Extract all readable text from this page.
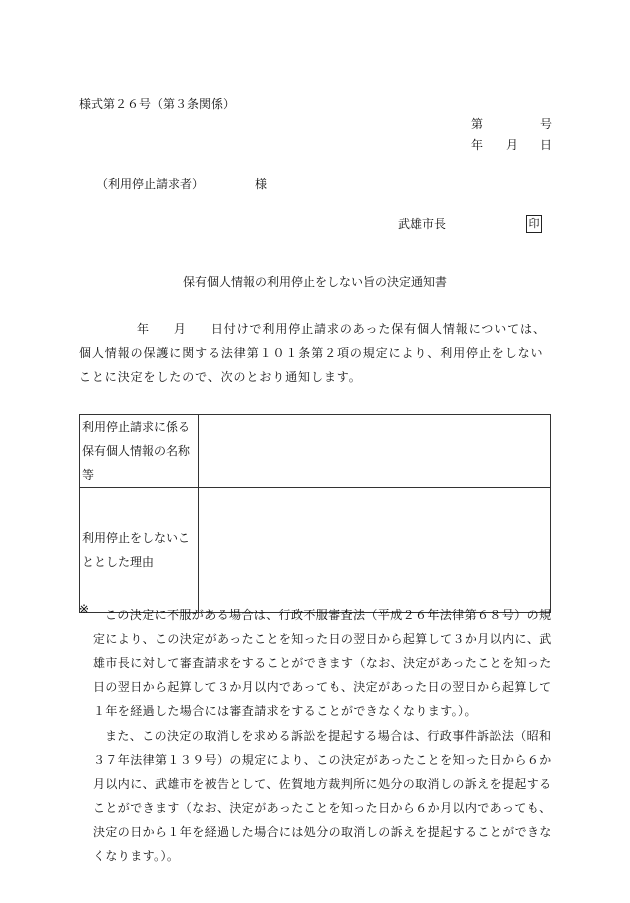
様式第２６号（第３条関係）
第	号
年 月 日
（利用停止請求者）	様
武雄市長	印
保有個人情報の利用停止をしない旨の決定通知書
年 月 日付けで利用停止請求のあった保有個人情報については、個人情報の保護に関する法律第１０１条第２項の規定により、利用停止をしないことに決定をしたので、次のとおり通知します。
利用停止請求に係る保有個人情報の名称等	
利用停止をしないこととした理由	
※	この決定に不服がある場合は、行政不服審査法（平成２６年法律第６８号）の規定により、この決定があったことを知った日の翌日から起算して３か月以内に、武雄市長に対して審査請求をすることができます（なお、決定があったことを知った日の翌日から起算して３か月以内であっても、決定があった日の翌日から起算して１年を経過した場合には審査請求をすることができなくなります。）。
また、この決定の取消しを求める訴訟を提起する場合は、行政事件訴訟法（昭和３７年法律第１３９号）の規定により、この決定があったことを知った日から６か月以内に、武雄市を被告として、佐賀地方裁判所に処分の取消しの訴えを提起することができます（なお、決定があったことを知った日から６か月以内であっても、決定の日から１年を経過した場合には処分の取消しの訴えを提起することができなくなります。）。
